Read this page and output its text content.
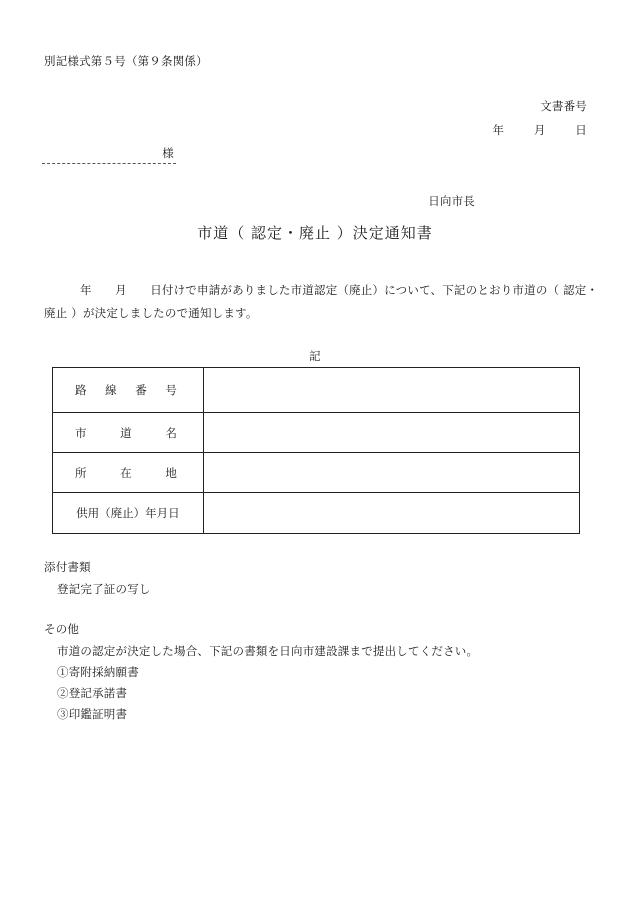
別記様式第５号（第９条関係）
文書番号
年	月	日
様
日向市長
市道（ 認定・廃止 ）決定通知書
年　　月　　日付けで申請がありました市道認定（廃止）について、下記のとおり市道の（ 認定・
廃止 ）が決定しましたので通知します。
記
路 線 番 号	

市 道 名	

所 在 地	

供用（廃止）年月日	

添付書類
登記完了証の写し
その他
市道の認定が決定した場合、下記の書類を日向市建設課まで提出してください。
①寄附採納願書
②登記承諾書
③印鑑証明書
